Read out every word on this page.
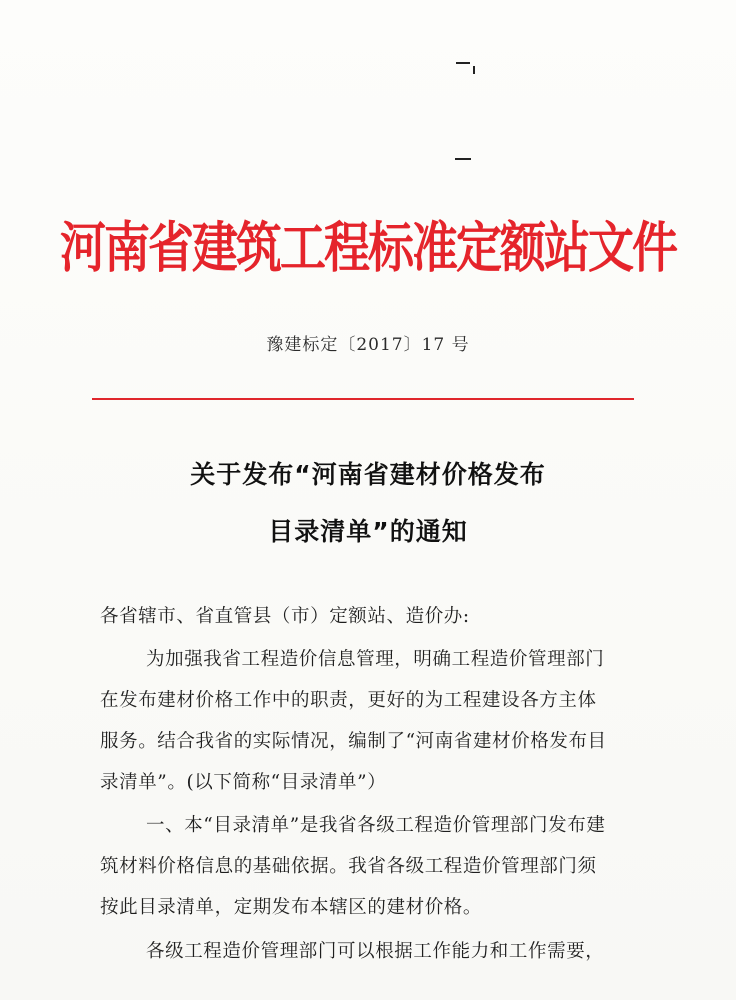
河南省建筑工程标准定额站文件
豫建标定〔2017〕17 号
关于发布“河南省建材价格发布
目录清单”的通知
各省辖市、省直管县（市）定额站、造价办:
为加强我省工程造价信息管理，明确工程造价管理部门
在发布建材价格工作中的职责，更好的为工程建设各方主体
服务。结合我省的实际情况，编制了“河南省建材价格发布目
录清单”。(以下简称“目录清单”）
一、本“目录清单”是我省各级工程造价管理部门发布建
筑材料价格信息的基础依据。我省各级工程造价管理部门须
按此目录清单，定期发布本辖区的建材价格。
各级工程造价管理部门可以根据工作能力和工作需要，
